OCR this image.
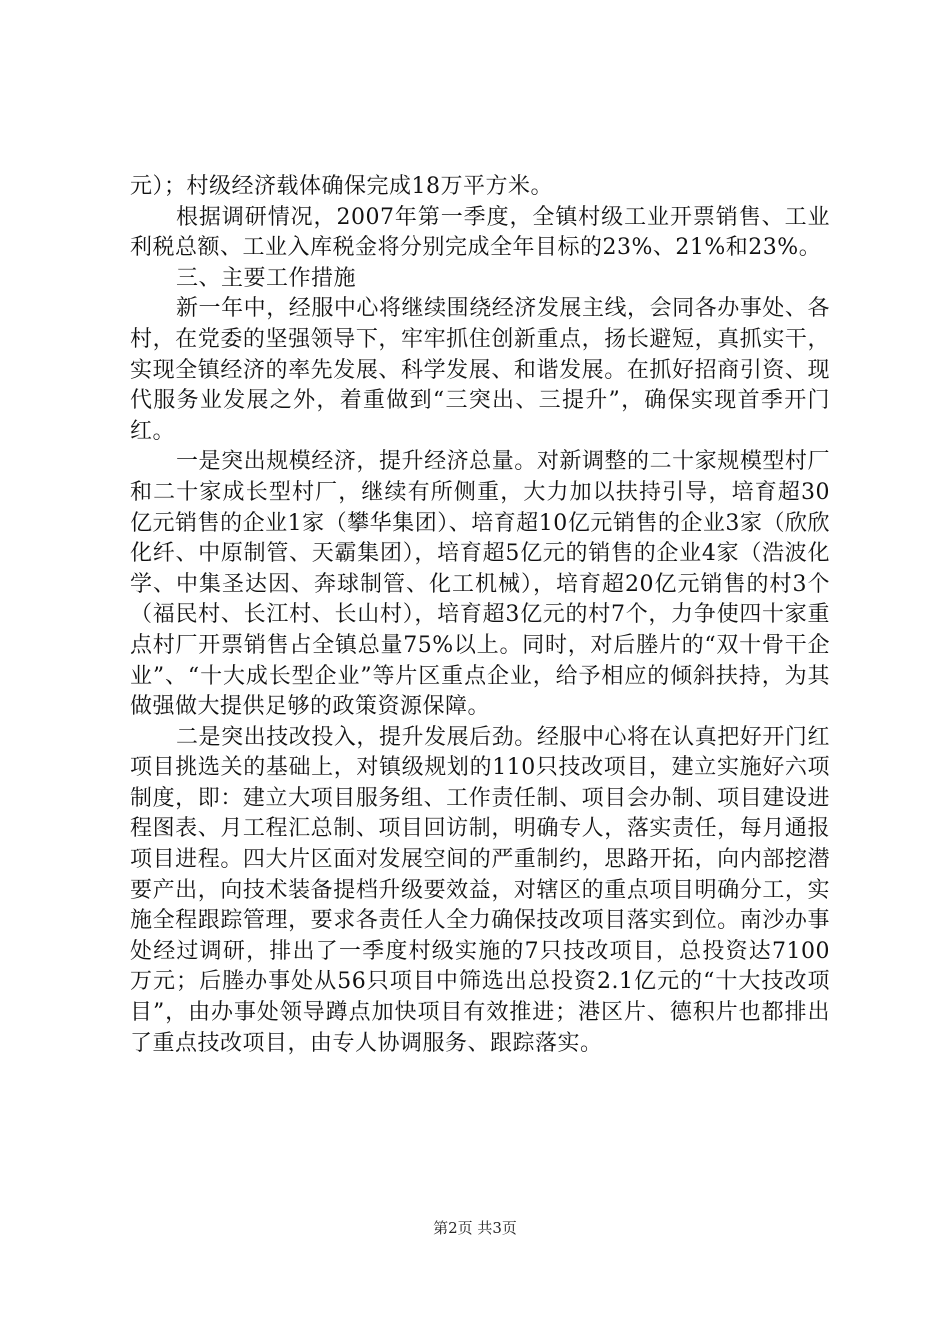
元）；村级经济载体确保完成18万平方米。

根据调研情况，2007年第一季度，全镇村级工业开票销售、工业利税总额、工业入库税金将分别完成全年目标的23%、21%和23%。

三、主要工作措施

新一年中，经服中心将继续围绕经济发展主线，会同各办事处、各村，在党委的坚强领导下，牢牢抓住创新重点，扬长避短，真抓实干，实现全镇经济的率先发展、科学发展、和谐发展。在抓好招商引资、现代服务业发展之外，着重做到“三突出、三提升”，确保实现首季开门红。

一是突出规模经济，提升经济总量。对新调整的二十家规模型村厂和二十家成长型村厂，继续有所侧重，大力加以扶持引导，培育超30亿元销售的企业1家（攀华集团）、培育超10亿元销售的企业3家（欣欣化纤、中原制管、天霸集团），培育超5亿元的销售的企业4家（浩波化学、中集圣达因、奔球制管、化工机械），培育超20亿元销售的村3个（福民村、长江村、长山村），培育超3亿元的村7个，力争使四十家重点村厂开票销售占全镇总量75%以上。同时，对后塍片的“双十骨干企业”、“十大成长型企业”等片区重点企业，给予相应的倾斜扶持，为其做强做大提供足够的政策资源保障。

二是突出技改投入，提升发展后劲。经服中心将在认真把好开门红项目挑选关的基础上，对镇级规划的110只技改项目，建立实施好六项制度，即：建立大项目服务组、工作责任制、项目会办制、项目建设进程图表、月工程汇总制、项目回访制，明确专人，落实责任，每月通报项目进程。四大片区面对发展空间的严重制约，思路开拓，向内部挖潜要产出，向技术装备提档升级要效益，对辖区的重点项目明确分工，实施全程跟踪管理，要求各责任人全力确保技改项目落实到位。南沙办事处经过调研，排出了一季度村级实施的7只技改项目，总投资达7100万元；后塍办事处从56只项目中筛选出总投资2.1亿元的“十大技改项目”，由办事处领导蹲点加快项目有效推进；港区片、德积片也都排出了重点技改项目，由专人协调服务、跟踪落实。

第2页 共3页
